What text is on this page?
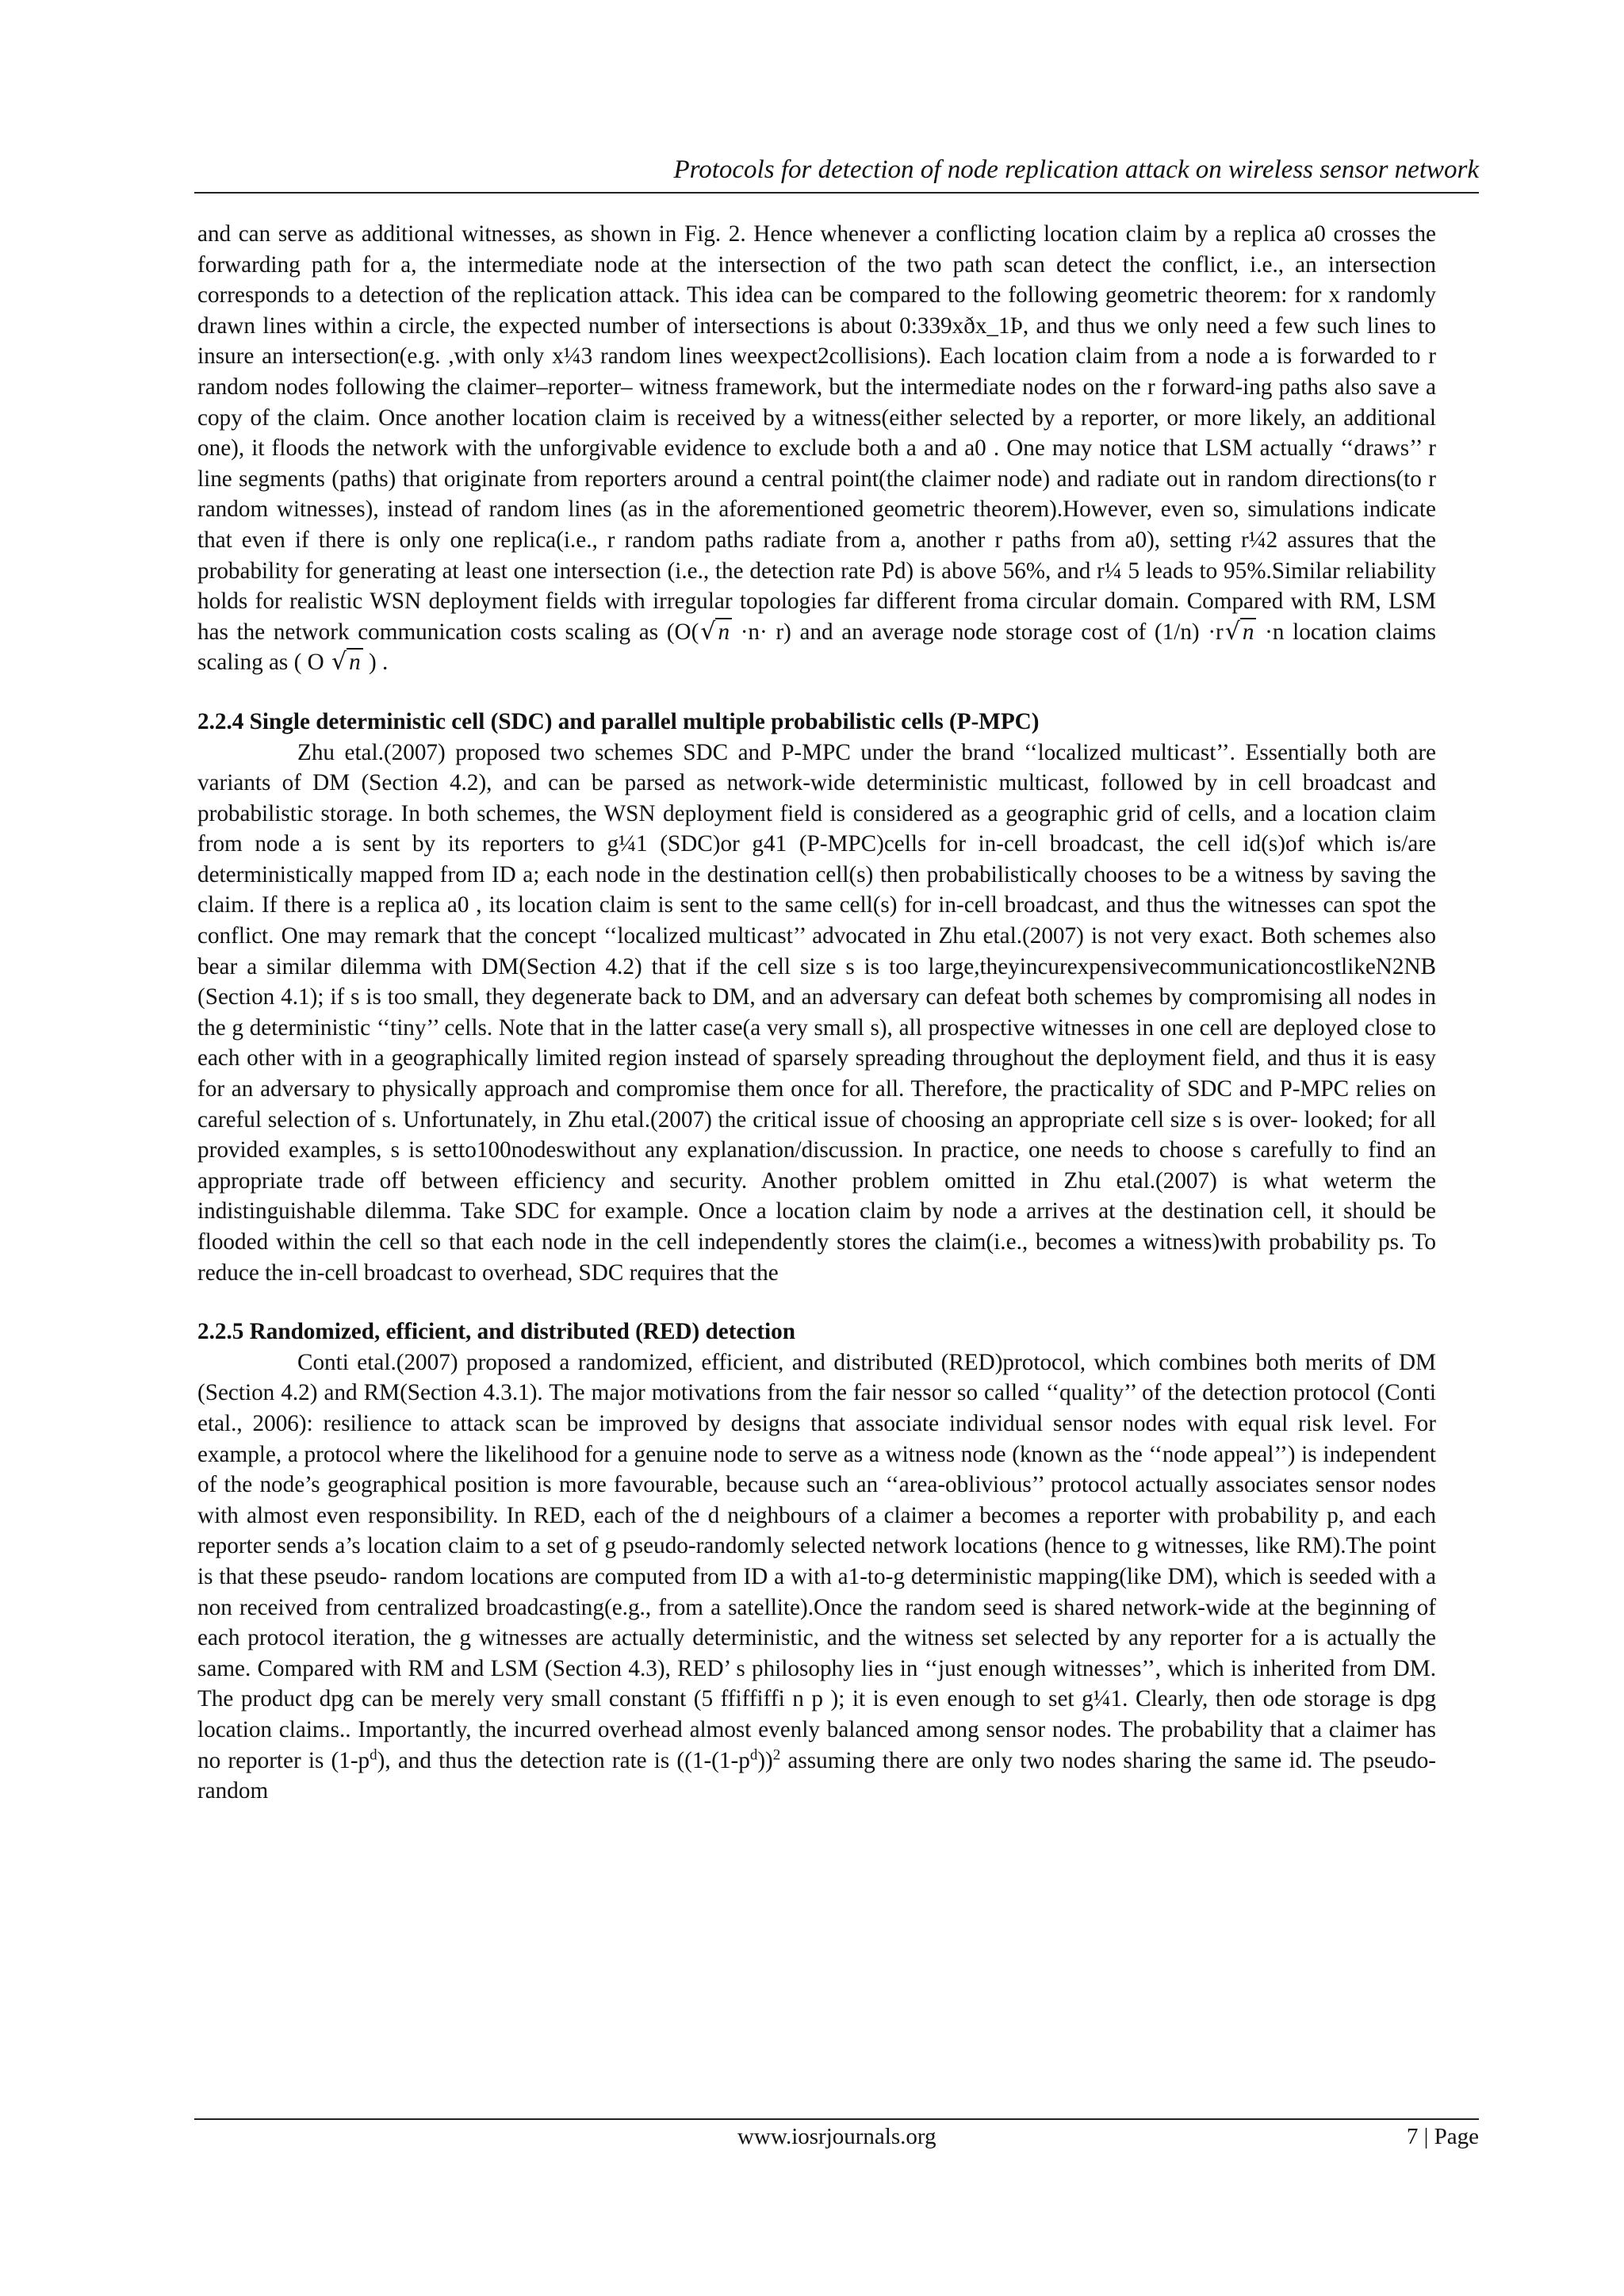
Protocols for detection of node replication attack on wireless sensor network

and can serve as additional witnesses, as shown in Fig. 2. Hence whenever a conflicting location claim by a replica a0 crosses the forwarding path for a, the intermediate node at the intersection of the two path scan detect the conflict, i.e., an intersection corresponds to a detection of the replication attack. This idea can be compared to the following geometric theorem: for x randomly drawn lines within a circle, the expected number of intersections is about 0:339xðx_1Þ, and thus we only need a few such lines to insure an intersection(e.g. ,with only x¼3 random lines weexpect2collisions). Each location claim from a node a is forwarded to r random nodes following the claimer–reporter– witness framework, but the intermediate nodes on the r forward-ing paths also save a copy of the claim. Once another location claim is received by a witness(either selected by a reporter, or more likely, an additional one), it floods the network with the unforgivable evidence to exclude both a and a0 . One may notice that LSM actually ‘‘draws’’ r line segments (paths) that originate from reporters around a central point(the claimer node) and radiate out in random directions(to r random witnesses), instead of random lines (as in the aforementioned geometric theorem).However, even so, simulations indicate that even if there is only one replica(i.e., r random paths radiate from a, another r paths from a0), setting r¼2 assures that the probability for generating at least one intersection (i.e., the detection rate Pd) is above 56%, and r¼ 5 leads to 95%.Similar reliability holds for realistic WSN deployment fields with irregular topologies far different froma circular domain. Compared with RM, LSM has the network communication costs scaling as (O(√ n ·n· r) and an average node storage cost of (1/n) ·r√ n ·n location claims scaling as ( O √ n ) .

2.2.4 Single deterministic cell (SDC) and parallel multiple probabilistic cells (P-MPC)

Zhu etal.(2007) proposed two schemes SDC and P-MPC under the brand ‘‘localized multicast’’. Essentially both are variants of DM (Section 4.2), and can be parsed as network-wide deterministic multicast, followed by in cell broadcast and probabilistic storage. In both schemes, the WSN deployment field is considered as a geographic grid of cells, and a location claim from node a is sent by its reporters to g¼1 (SDC)or g41 (P-MPC)cells for in-cell broadcast, the cell id(s)of which is/are deterministically mapped from ID a; each node in the destination cell(s) then probabilistically chooses to be a witness by saving the claim. If there is a replica a0 , its location claim is sent to the same cell(s) for in-cell broadcast, and thus the witnesses can spot the conflict. One may remark that the concept ‘‘localized multicast’’ advocated in Zhu etal.(2007) is not very exact. Both schemes also bear a similar dilemma with DM(Section 4.2) that if the cell size s is too large,theyincurexpensivecommunicationcostlikeN2NB (Section 4.1); if s is too small, they degenerate back to DM, and an adversary can defeat both schemes by compromising all nodes in the g deterministic ‘‘tiny’’ cells. Note that in the latter case(a very small s), all prospective witnesses in one cell are deployed close to each other with in a geographically limited region instead of sparsely spreading throughout the deployment field, and thus it is easy for an adversary to physically approach and compromise them once for all. Therefore, the practicality of SDC and P-MPC relies on careful selection of s. Unfortunately, in Zhu etal.(2007) the critical issue of choosing an appropriate cell size s is over- looked; for all provided examples, s is setto100nodeswithout any explanation/discussion. In practice, one needs to choose s carefully to find an appropriate trade off between efficiency and security. Another problem omitted in Zhu etal.(2007) is what weterm the indistinguishable dilemma. Take SDC for example. Once a location claim by node a arrives at the destination cell, it should be flooded within the cell so that each node in the cell independently stores the claim(i.e., becomes a witness)with probability ps. To reduce the in-cell broadcast to overhead, SDC requires that the

2.2.5 Randomized, efficient, and distributed (RED) detection

Conti etal.(2007) proposed a randomized, efficient, and distributed (RED)protocol, which combines both merits of DM (Section 4.2) and RM(Section 4.3.1). The major motivations from the fair nessor so called ‘‘quality’’ of the detection protocol (Conti etal., 2006): resilience to attack scan be improved by designs that associate individual sensor nodes with equal risk level. For example, a protocol where the likelihood for a genuine node to serve as a witness node (known as the ‘‘node appeal’’) is independent of the node’s geographical position is more favourable, because such an ‘‘area-oblivious’’ protocol actually associates sensor nodes with almost even responsibility. In RED, each of the d neighbours of a claimer a becomes a reporter with probability p, and each reporter sends a’s location claim to a set of g pseudo-randomly selected network locations (hence to g witnesses, like RM).The point is that these pseudo- random locations are computed from ID a with a1-to-g deterministic mapping(like DM), which is seeded with a non received from centralized broadcasting(e.g., from a satellite).Once the random seed is shared network-wide at the beginning of each protocol iteration, the g witnesses are actually deterministic, and the witness set selected by any reporter for a is actually the same. Compared with RM and LSM (Section 4.3), RED’ s philosophy lies in ‘‘just enough witnesses’’, which is inherited from DM. The product dpg can be merely very small constant (5 ffiffiffi n p ); it is even enough to set g¼1. Clearly, then ode storage is dpg location claims.. Importantly, the incurred overhead almost evenly balanced among sensor nodes. The probability that a claimer has no reporter is $(1-p^d)$, and thus the detection rate is ($(1-(1-p^d))^2$ assuming there are only two nodes sharing the same id. The pseudo-random

www.iosrjournals.org	7 | Page
